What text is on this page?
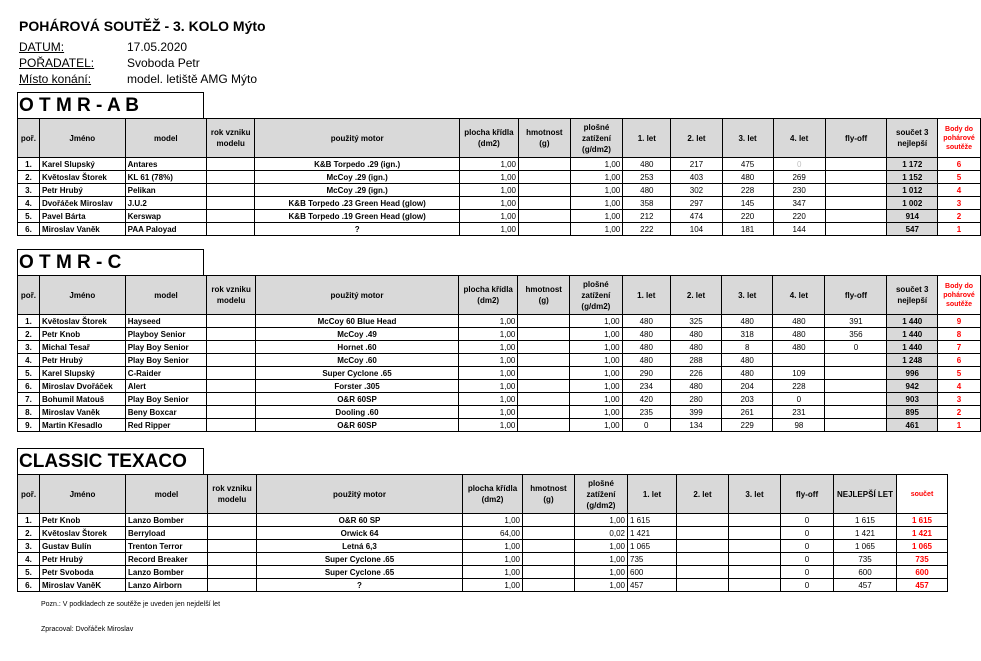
POHÁROVÁ SOUTĚŽ - 3. KOLO Mýto
DATUM:	17.05.2020
POŘADATEL:	Svoboda Petr
Místo konání:	model. letiště AMG Mýto
O T M R - A B
poř.	Jméno	model	rok vzniku modelu	použitý motor	plocha křídla (dm2)	hmotnost (g)	plošné zatížení (g/dm2)	1. let	2. let	3. let	4. let	fly-off	součet 3 nejlepší	Body do pohárové soutěže
1.	Karel Slupský	Antares		K&B Torpedo .29 (ign.)	1,00		1,00	480	217	475	0		1 172	6
2.	Květoslav Štorek	KL 61 (78%)		McCoy .29 (ign.)	1,00		1,00	253	403	480	269		1 152	5
3.	Petr Hrubý	Pelikan		McCoy .29 (ign.)	1,00		1,00	480	302	228	230		1 012	4
4.	Dvořáček Miroslav	J.U.2		K&B Torpedo .23 Green Head (glow)	1,00		1,00	358	297	145	347		1 002	3
5.	Pavel Bárta	Kerswap		K&B Torpedo .19 Green Head (glow)	1,00		1,00	212	474	220	220		914	2
6.	Miroslav Vaněk	PAA Paloyad		?	1,00		1,00	222	104	181	144		547	1
O T M R - C
poř.	Jméno	model	rok vzniku modelu	použitý motor	plocha křídla (dm2)	hmotnost (g)	plošné zatížení (g/dm2)	1. let	2. let	3. let	4. let	fly-off	součet 3 nejlepší	Body do pohárové soutěže
1.	Květoslav Štorek	Hayseed		McCoy 60 Blue Head	1,00		1,00	480	325	480	480	391	1 440	9
2.	Petr Knob	Playboy Senior		McCoy .49	1,00		1,00	480	480	318	480	356	1 440	8
3.	Michal Tesař	Play Boy Senior		Hornet .60	1,00		1,00	480	480	8	480	0	1 440	7
4.	Petr Hrubý	Play Boy Senior		McCoy .60	1,00		1,00	480	288	480			1 248	6
5.	Karel Slupský	C-Raider		Super Cyclone .65	1,00		1,00	290	226	480	109		996	5
6.	Miroslav Dvořáček	Alert		Forster .305	1,00		1,00	234	480	204	228		942	4
7.	Bohumil Matouš	Play Boy Senior		O&R 60SP	1,00		1,00	420	280	203	0		903	3
8.	Miroslav Vaněk	Beny Boxcar		Dooling .60	1,00		1,00	235	399	261	231		895	2
9.	Martin Křesadlo	Red Ripper		O&R 60SP	1,00		1,00	0	134	229	98		461	1
CLASSIC TEXACO
poř.	Jméno	model	rok vzniku modelu	použitý motor	plocha křídla (dm2)	hmotnost (g)	plošné zatížení (g/dm2)	1. let	2. let	3. let	fly-off	NEJLEPŠÍ LET	součet
1.	Petr Knob	Lanzo Bomber		O&R 60 SP	1,00		1,00	1 615			0	1 615	1 615
2.	Květoslav Štorek	Berryload		Orwick 64	64,00		0,02	1 421			0	1 421	1 421
3.	Gustav Bulín	Trenton Terror		Letná 6,3	1,00		1,00	1 065			0	1 065	1 065
4.	Petr Hrubý	Record Breaker		Super Cyclone .65	1,00		1,00	735			0	735	735
5.	Petr Svoboda	Lanzo Bomber		Super Cyclone .65	1,00		1,00	600			0	600	600
6.	Miroslav VaněK	Lanzo Airborn		?	1,00		1,00	457			0	457	457
Pozn.: V podkladech ze soutěže je uveden jen nejdelší let
Zpracoval: Dvořáček Miroslav
